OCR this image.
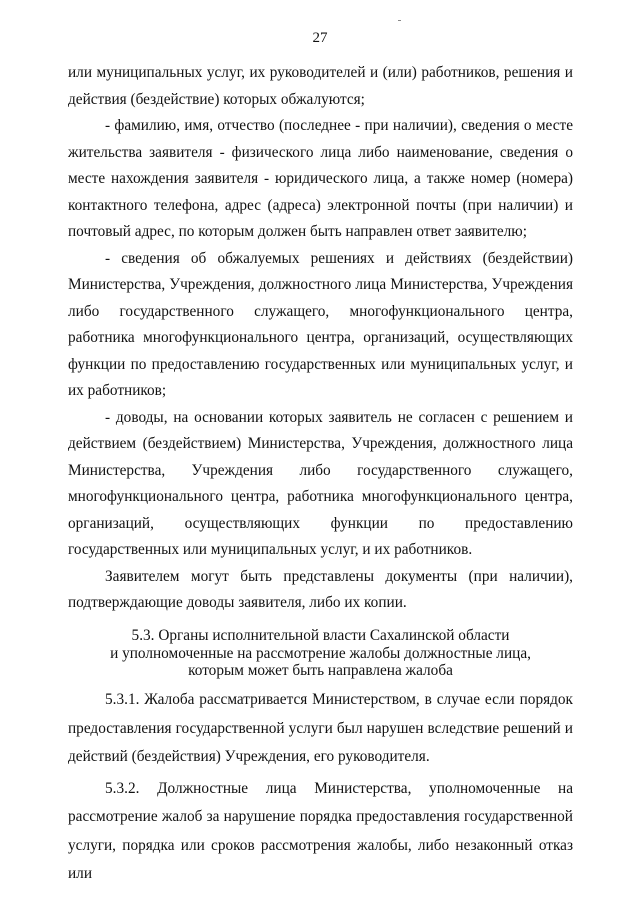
27

или муниципальных услуг, их руководителей и (или) работников, решения и действия (бездействие) которых обжалуются;

- фамилию, имя, отчество (последнее - при наличии), сведения о месте жительства заявителя - физического лица либо наименование, сведения о месте нахождения заявителя - юридического лица, а также номер (номера) контактного телефона, адрес (адреса) электронной почты (при наличии) и почтовый адрес, по которым должен быть направлен ответ заявителю;

- сведения об обжалуемых решениях и действиях (бездействии) Министерства, Учреждения, должностного лица Министерства, Учреждения либо государственного служащего, многофункционального центра, работника многофункционального центра, организаций, осуществляющих функции по предоставлению государственных или муниципальных услуг, и их работников;

- доводы, на основании которых заявитель не согласен с решением и действием (бездействием) Министерства, Учреждения, должностного лица Министерства, Учреждения либо государственного служащего, многофункционального центра, работника многофункционального центра, организаций, осуществляющих функции по предоставлению государственных или муниципальных услуг, и их работников.

Заявителем могут быть представлены документы (при наличии), подтверждающие доводы заявителя, либо их копии.

5.3. Органы исполнительной власти Сахалинской области
и уполномоченные на рассмотрение жалобы должностные лица,
которым может быть направлена жалоба

5.3.1. Жалоба рассматривается Министерством, в случае если порядок предоставления государственной услуги был нарушен вследствие решений и действий (бездействия) Учреждения, его руководителя.

5.3.2. Должностные лица Министерства, уполномоченные на

рассмотрение жалоб за нарушение порядка предоставления государственной услуги, порядка или сроков рассмотрения жалобы, либо незаконный отказ или
